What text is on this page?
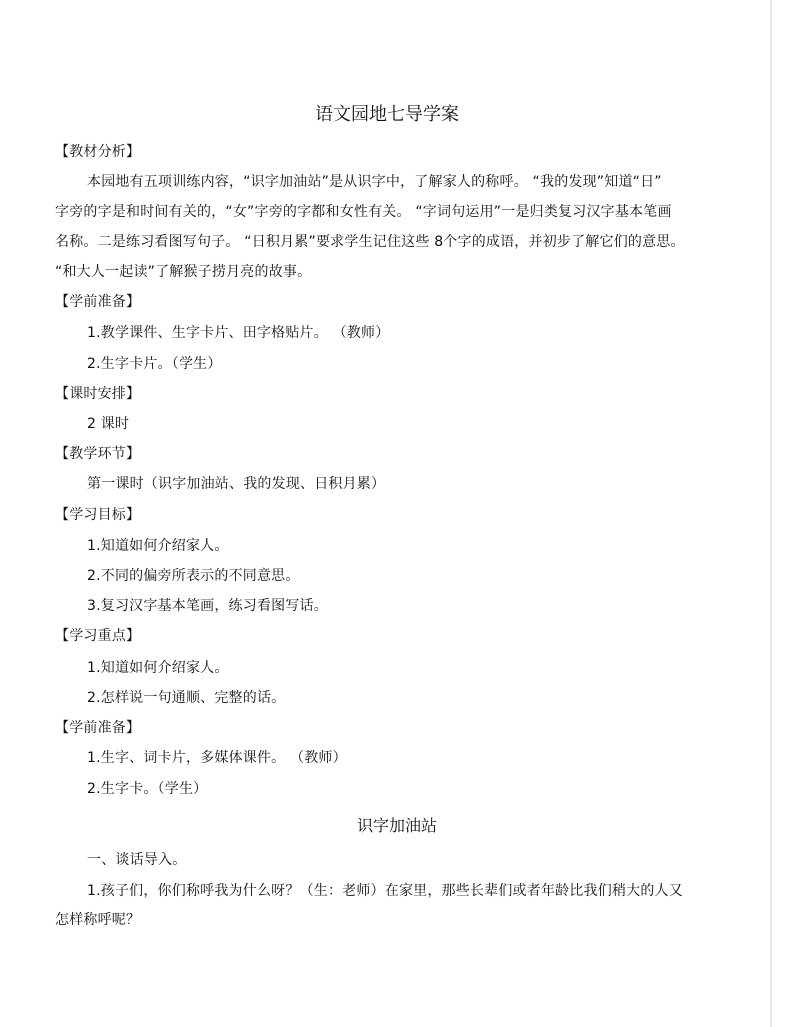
语文园地七导学案
【教材分析】
本园地有五项训练内容，“识字加油站”是从识字中，了解家人的称呼。 “我的发现”知道“日”
字旁的字是和时间有关的，“女”字旁的字都和女性有关。 “字词句运用”一是归类复习汉字基本笔画
名称。二是练习看图写句子。 “日积月累”要求学生记住这些 8个字的成语，并初步了解它们的意思。
“和大人一起读”了解猴子捞月亮的故事。
【学前准备】
1.教学课件、生字卡片、田字格贴片。 （教师）
2.生字卡片。（学生）
【课时安排】
2 课时
【教学环节】
第一课时（识字加油站、我的发现、日积月累）
【学习目标】
1.知道如何介绍家人。
2.不同的偏旁所表示的不同意思。
3.复习汉字基本笔画，练习看图写话。
【学习重点】
1.知道如何介绍家人。
2.怎样说一句通顺、完整的话。
【学前准备】
1.生字、词卡片，多媒体课件。 （教师）
2.生字卡。（学生）
识字加油站
一、谈话导入。
1.孩子们，你们称呼我为什么呀？（生：老师）在家里，那些长辈们或者年龄比我们稍大的人又
怎样称呼呢？
